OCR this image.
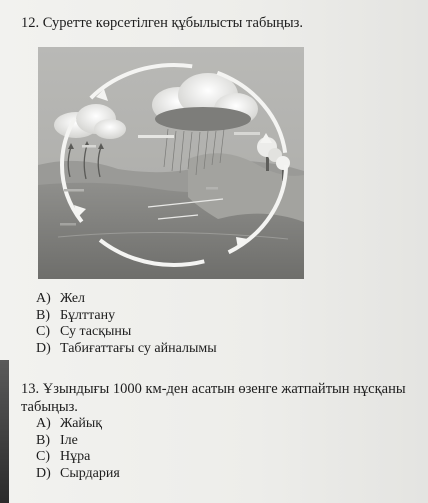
12. Суретте көрсетілген құбылысты табыңыз.
A) Жел
B) Бұлттану
C) Су тасқыны
D) Табиғаттағы су айналымы
13. Ұзындығы 1000 км-ден асатын өзенге жатпайтын нұсқаны табыңыз.
A) Жайық
B) Іле
C) Нұра
D) Сырдария
